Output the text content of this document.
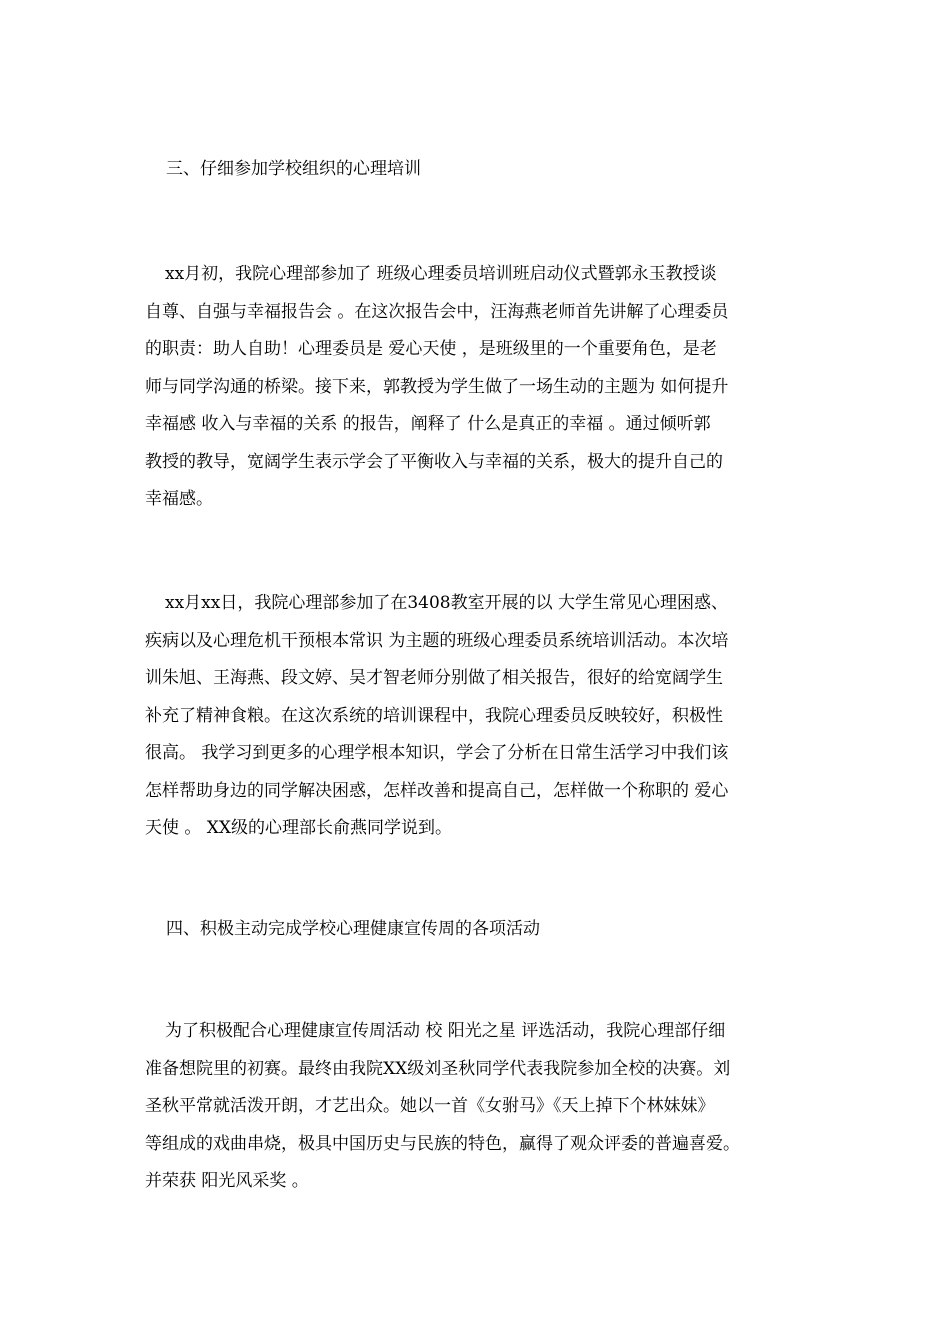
三、仔细参加学校组织的心理培训
xx月初，我院心理部参加了 班级心理委员培训班启动仪式暨郭永玉教授谈
自尊、自强与幸福报告会 。在这次报告会中，汪海燕老师首先讲解了心理委员
的职责：助人自助！心理委员是 爱心天使 ，是班级里的一个重要角色，是老
师与同学沟通的桥梁。接下来，郭教授为学生做了一场生动的主题为 如何提升
幸福感 收入与幸福的关系 的报告，阐释了 什么是真正的幸福 。通过倾听郭
教授的教导，宽阔学生表示学会了平衡收入与幸福的关系，极大的提升自己的
幸福感。
xx月xx日，我院心理部参加了在3408教室开展的以 大学生常见心理困惑、
疾病以及心理危机干预根本常识 为主题的班级心理委员系统培训活动。本次培
训朱旭、王海燕、段文婷、吴才智老师分别做了相关报告，很好的给宽阔学生
补充了精神食粮。在这次系统的培训课程中，我院心理委员反映较好，积极性
很高。 我学习到更多的心理学根本知识，学会了分析在日常生活学习中我们该
怎样帮助身边的同学解决困惑，怎样改善和提高自己，怎样做一个称职的 爱心
天使 。 XX级的心理部长俞燕同学说到。
四、积极主动完成学校心理健康宣传周的各项活动
为了积极配合心理健康宣传周活动 校 阳光之星 评选活动，我院心理部仔细
准备想院里的初赛。最终由我院XX级刘圣秋同学代表我院参加全校的决赛。刘
圣秋平常就活泼开朗，才艺出众。她以一首《女驸马》《天上掉下个林妹妹》
等组成的戏曲串烧，极具中国历史与民族的特色，赢得了观众评委的普遍喜爱。
并荣获 阳光风采奖 。
